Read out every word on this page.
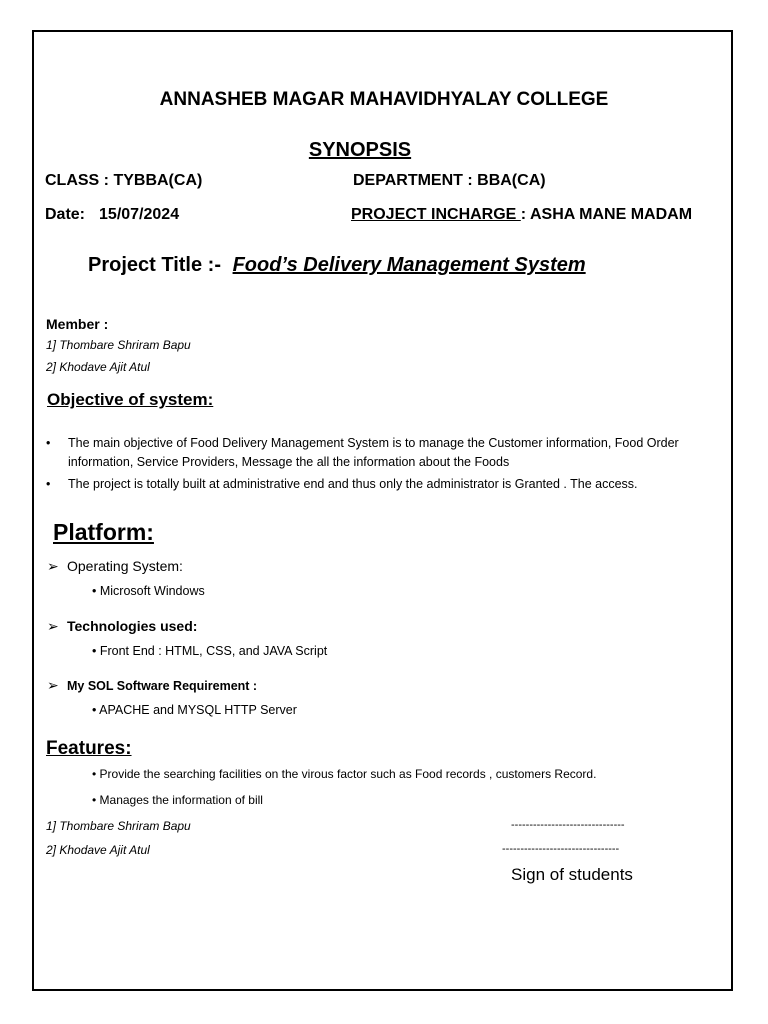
ANNASHEB MAGAR MAHAVIDHYALAY COLLEGE
SYNOPSIS
CLASS : TYBBA(CA)	DEPARTMENT : BBA(CA)
Date: 15/07/2024	PROJECT INCHARGE : ASHA MANE MADAM
Project Title :- Food’s Delivery Management System
Member :
1] Thombare Shriram Bapu
2] Khodave Ajit Atul
Objective of system:
• The main objective of Food Delivery Management System is to manage the Customer information, Food Order information, Service Providers, Message the all the information about the Foods
• The project is totally built at administrative end and thus only the administrator is Granted . The access.
Platform:
➢ Operating System:
• Microsoft Windows
➢ Technologies used:
• Front End : HTML, CSS, and JAVA Script
➢ My SOL Software Requirement :
• APACHE and MYSQL HTTP Server
Features:
• Provide the searching facilities on the virous factor such as Food records , customers Record.
• Manages the information of bill
1] Thombare Shriram Bapu	-------------------------------
2] Khodave Ajit Atul	--------------------------------
Sign of students
